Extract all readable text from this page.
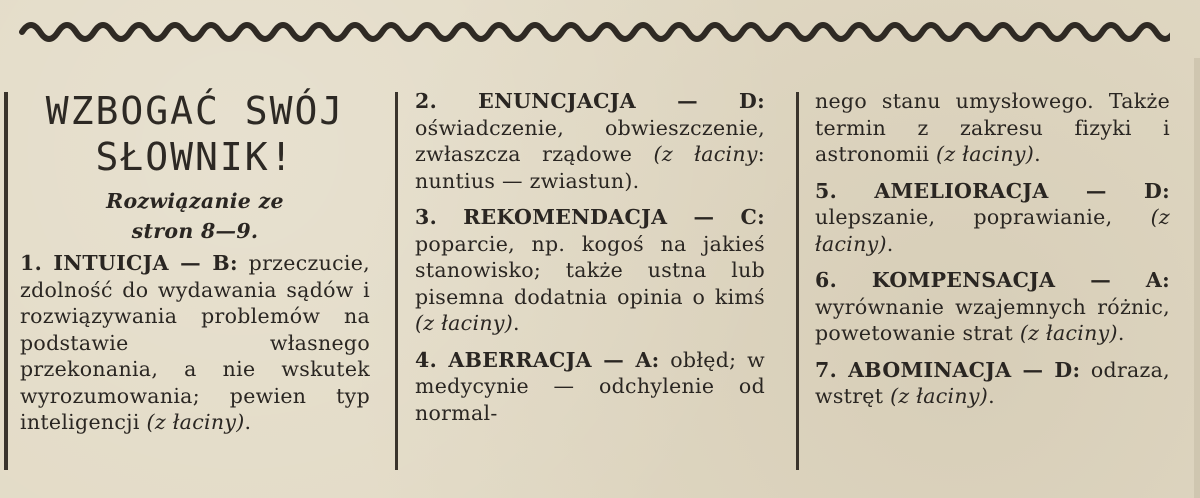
WZBOGAĆ SWÓJ
SŁOWNIK!
Rozwiązanie ze
stron 8—9.

1. INTUICJA — B: przeczucie, zdolność do wydawania sądów i rozwiązywania problemów na podstawie własnego przekonania, a nie wskutek wyrozumowania; pewien typ inteligencji (z łaciny).

2. ENUNCJACJA — D: oświadczenie, obwieszczenie, zwłaszcza rządowe (z łaciny: nuntius — zwiastun).

3. REKOMENDACJA — C: poparcie, np. kogoś na jakieś stanowisko; także ustna lub pisemna dodatnia opinia o kimś (z łaciny).

4. ABERRACJA — A: obłęd; w medycynie — odchylenie od normal-

nego stanu umysłowego. Także termin z zakresu fizyki i astronomii (z łaciny).

5. AMELIORACJA — D: ulepszanie, poprawianie, (z łaciny).

6. KOMPENSACJA — A: wyrównanie wzajemnych różnic, powetowanie strat (z łaciny).

7. ABOMINACJA — D: odraza, wstręt (z łaciny).
